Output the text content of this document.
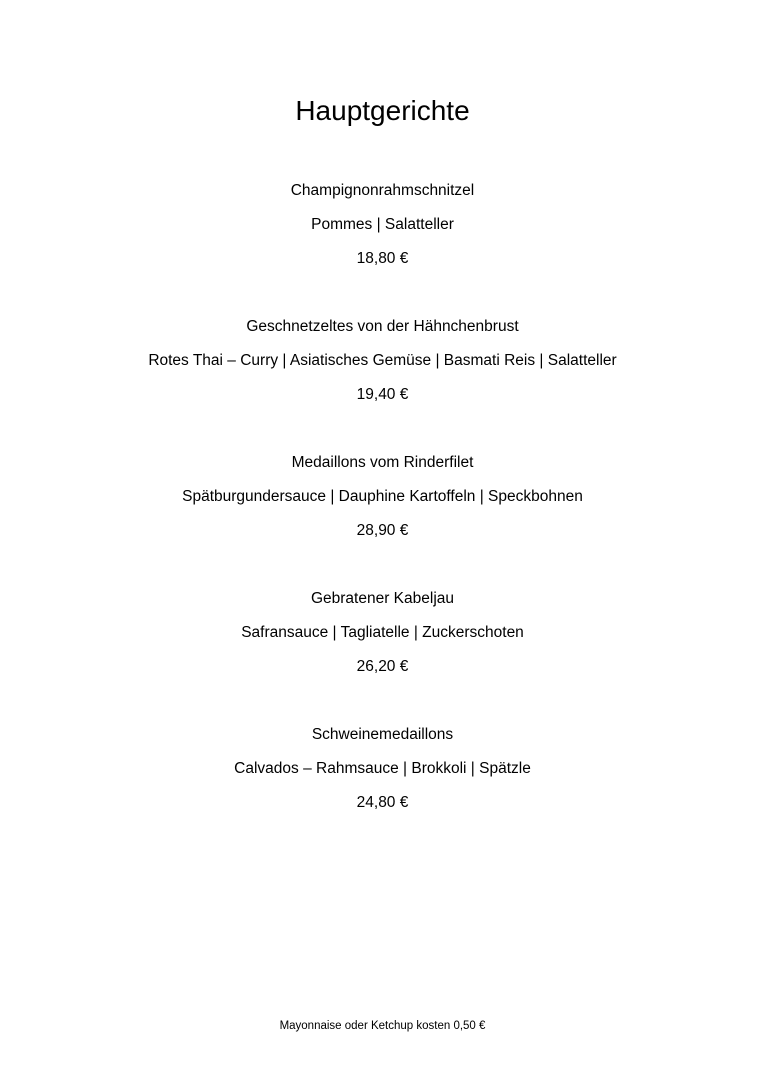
Hauptgerichte
Champignonrahmschnitzel
Pommes | Salatteller
18,80 €
Geschnetzeltes von der Hähnchenbrust
Rotes Thai – Curry | Asiatisches Gemüse | Basmati Reis | Salatteller
19,40 €
Medaillons vom Rinderfilet
Spätburgundersauce | Dauphine Kartoffeln | Speckbohnen
28,90 €
Gebratener Kabeljau
Safransauce | Tagliatelle | Zuckerschoten
26,20 €
Schweinemedaillons
Calvados – Rahmsauce | Brokkoli | Spätzle
24,80 €
Mayonnaise oder Ketchup kosten 0,50 €
